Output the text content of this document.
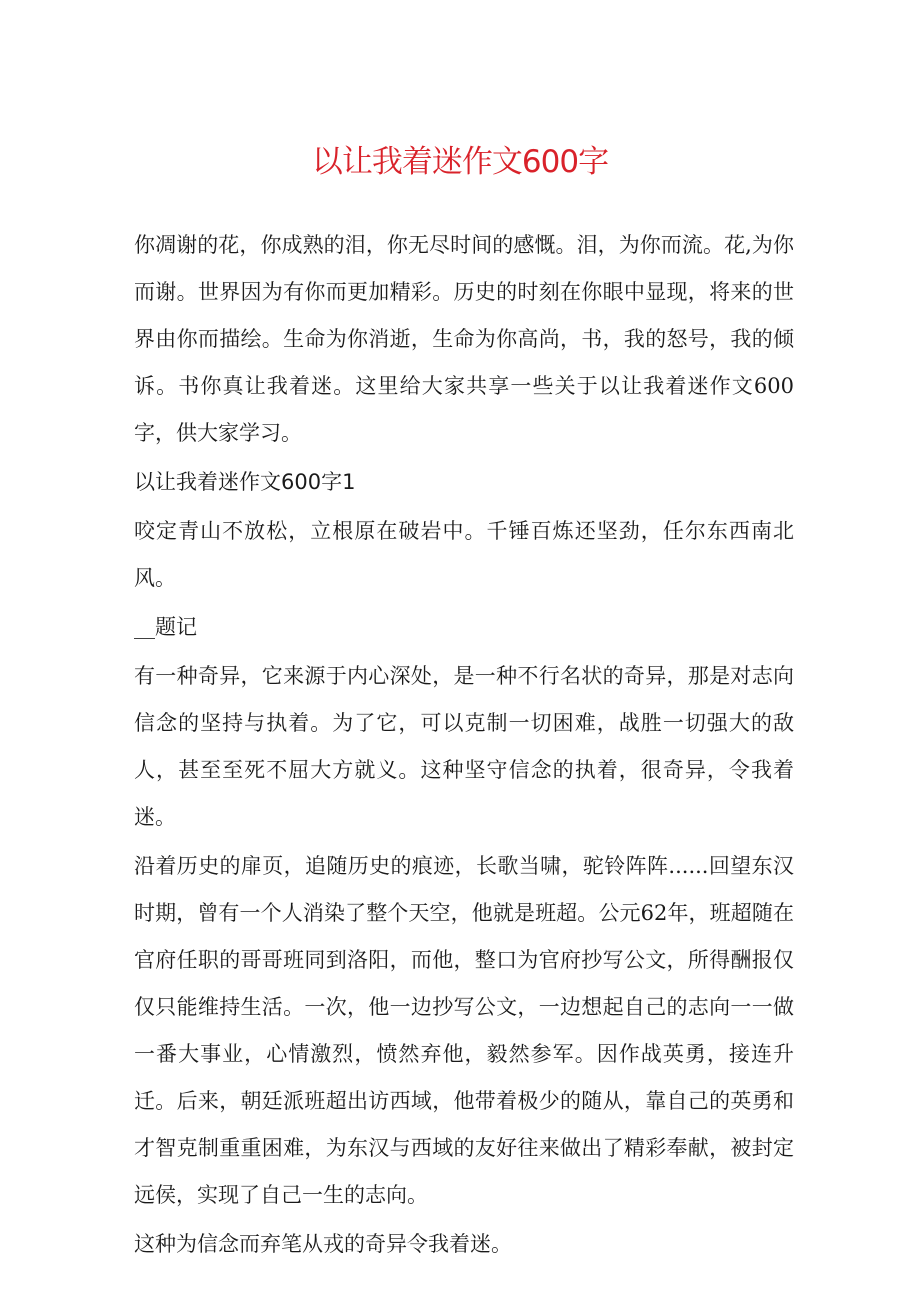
以让我着迷作文600字

你凋谢的花，你成熟的泪，你无尽时间的感慨。泪，为你而流。花,为你而谢。世界因为有你而更加精彩。历史的时刻在你眼中显现，将来的世界由你而描绘。生命为你消逝，生命为你高尚，书，我的怒号，我的倾诉。书你真让我着迷。这里给大家共享一些关于以让我着迷作文600字，供大家学习。

以让我着迷作文600字1

咬定青山不放松，立根原在破岩中。千锤百炼还坚劲，任尔东西南北风。

__题记

有一种奇异，它来源于内心深处，是一种不行名状的奇异，那是对志向信念的坚持与执着。为了它，可以克制一切困难，战胜一切强大的敌人，甚至至死不屈大方就义。这种坚守信念的执着，很奇异，令我着迷。

沿着历史的扉页，追随历史的痕迹，长歌当啸，驼铃阵阵......回望东汉时期，曾有一个人消染了整个天空，他就是班超。公元62年，班超随在官府任职的哥哥班同到洛阳，而他，整口为官府抄写公文，所得酬报仅仅只能维持生活。一次，他一边抄写公文，一边想起自己的志向一一做一番大事业，心情激烈，愤然弃他，毅然参军。因作战英勇，接连升迁。后来，朝廷派班超出访西域，他带着极少的随从，靠自己的英勇和才智克制重重困难，为东汉与西域的友好往来做出了精彩奉献，被封定远侯，实现了自己一生的志向。

这种为信念而弃笔从戎的奇异令我着迷。
